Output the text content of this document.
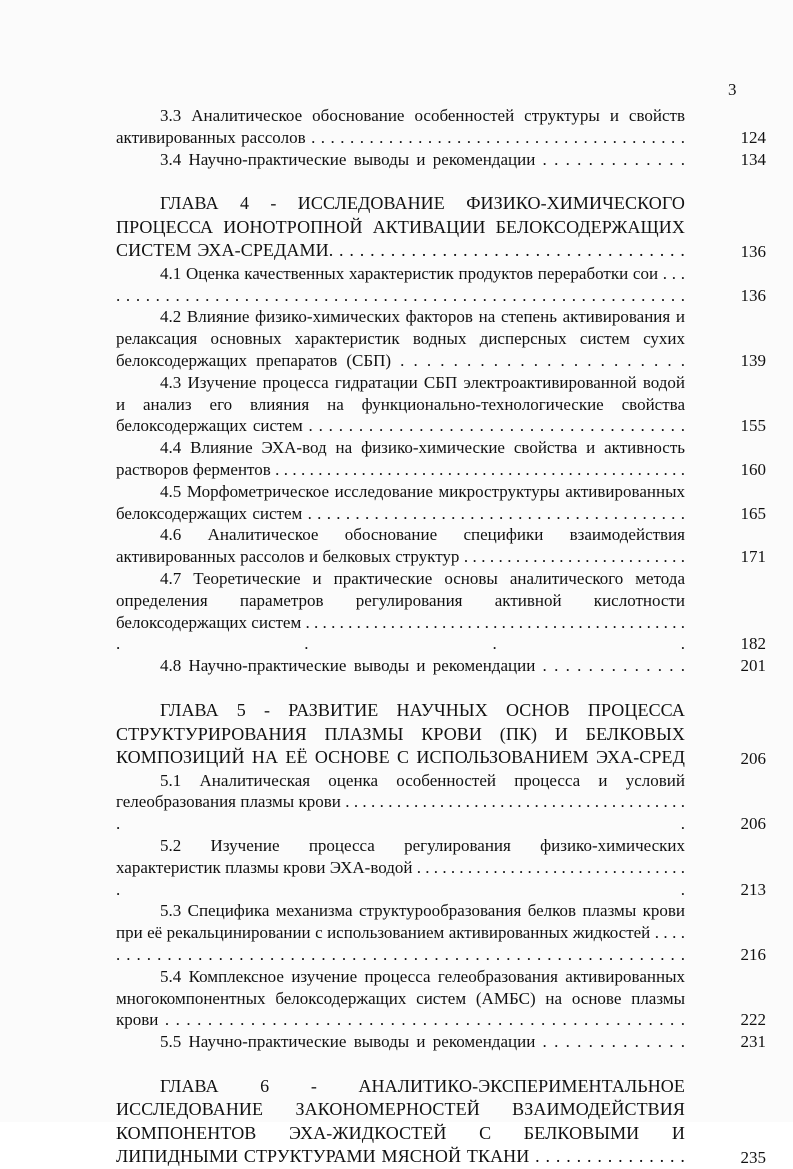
3
3.3 Аналитическое обоснование особенностей структуры и свойств активированных рассолов . . . . . . . . . . . . . . . . . . . . . . . . . . . . . . . . . . . . . . .	124
3.4 Научно-практические выводы и рекомендации . . . . . . . . . . . . .	134
ГЛАВА 4 - ИССЛЕДОВАНИЕ ФИЗИКО-ХИМИЧЕСКОГО ПРОЦЕССА ИОНОТРОПНОЙ АКТИВАЦИИ БЕЛОКСОДЕРЖАЩИХ СИСТЕМ ЭХА-СРЕДАМИ. . . . . . . . . . . . . . . . . . . . . . . . . . . . . . . . . . .	136
4.1 Оценка качественных характеристик продуктов переработки сои . . . . . . . . . . . . . . . . . . . . . . . . . . . . . . . . . . . . . . . . . . . . . . . . . . . . . . . . . . . . .	136
4.2 Влияние физико-химических факторов на степень активирования и релаксация основных характеристик водных дисперсных систем сухих белоксодержащих препаратов (СБП) . . . . . . . . . . . . . . . . . . . . . .	139
4.3 Изучение процесса гидратации СБП электроактивированной водой и анализ его влияния на функционально-технологические свойства белоксодержащих систем . . . . . . . . . . . . . . . . . . . . . . . . . . . . . . . . . . . . . .	155
4.4 Влияние ЭХА-вод на физико-химические свойства и активность растворов ферментов . . . . . . . . . . . . . . . . . . . . . . . . . . . . . . . . . . . . . . . . . . . . . . . .	160
4.5 Морфометрическое исследование микроструктуры активированных белоксодержащих систем . . . . . . . . . . . . . . . . . . . . . . . . . . . . . . . . . . . . . . . .	165
4.6 Аналитическое обоснование специфики взаимодействия активированных рассолов и белковых структур . . . . . . . . . . . . . . . . . . . . . . . . . .	171
4.7 Теоретические и практические основы аналитического метода определения параметров регулирования активной кислотности белоксодержащих систем . . . . . . . . . . . . . . . . . . . . . . . . . . . . . . . . . . . . . . . . . . . . . . . . .	182
4.8 Научно-практические выводы и рекомендации . . . . . . . . . . . . .	201
ГЛАВА 5 - РАЗВИТИЕ НАУЧНЫХ ОСНОВ ПРОЦЕССА СТРУКТУРИРОВАНИЯ ПЛАЗМЫ КРОВИ (ПК) И БЕЛКОВЫХ КОМПОЗИЦИЙ НА ЕЁ ОСНОВЕ С ИСПОЛЬЗОВАНИЕМ ЭХА-СРЕД	206
5.1 Аналитическая оценка особенностей процесса и условий гелеобразования плазмы крови . . . . . . . . . . . . . . . . . . . . . . . . . . . . . . . . . . . . . . . . . .	206
5.2 Изучение процесса регулирования физико-химических характеристик плазмы крови ЭХА-водой . . . . . . . . . . . . . . . . . . . . . . . . . . . . . . . . . .	213
5.3 Специфика механизма структурообразования белков плазмы крови при её рекальцинировании с использованием активированных жидкостей . . . . . . . . . . . . . . . . . . . . . . . . . . . . . . . . . . . . . . . . . . . . . . . . . . . . . . . . . . . .	216
5.4 Комплексное изучение процесса гелеобразования активированных многокомпонентных белоксодержащих систем (АМБС) на основе плазмы крови . . . . . . . . . . . . . . . . . . . . . . . . . . . . . . . . . . . . . . . . . . . . . . . . .	222
5.5 Научно-практические выводы и рекомендации . . . . . . . . . . . . .	231
ГЛАВА 6 - АНАЛИТИКО-ЭКСПЕРИМЕНТАЛЬНОЕ ИССЛЕДОВАНИЕ ЗАКОНОМЕРНОСТЕЙ ВЗАИМОДЕЙСТВИЯ КОМПОНЕНТОВ ЭХА-ЖИДКОСТЕЙ С БЕЛКОВЫМИ И ЛИПИДНЫМИ СТРУКТУРАМИ МЯСНОЙ ТКАНИ . . . . . . . . . . . . . . .	235
